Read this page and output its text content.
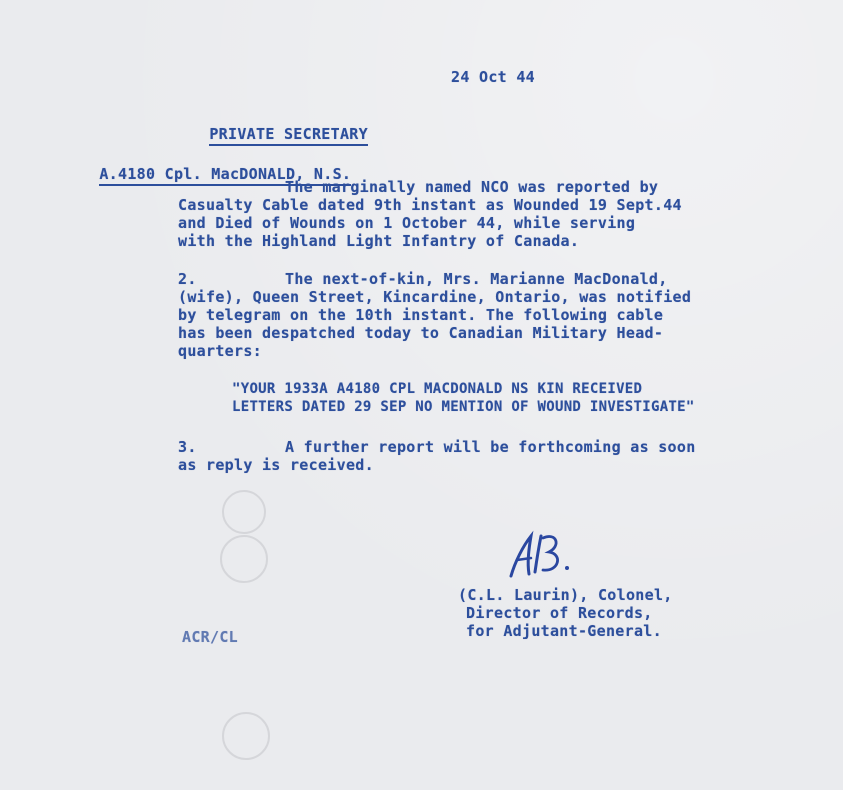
24 Oct 44

PRIVATE SECRETARY

A.4180 Cpl. MacDONALD, N.S.

The marginally named NCO was reported by
Casualty Cable dated 9th instant as Wounded 19 Sept.44
and Died of Wounds on 1 October 44, while serving
with the Highland Light Infantry of Canada.
2.	The next-of-kin, Mrs. Marianne MacDonald,
(wife), Queen Street, Kincardine, Ontario, was notified
by telegram on the 10th instant. The following cable
has been despatched today to Canadian Military Head-
quarters:
"YOUR 1933A A4180 CPL MACDONALD NS KIN RECEIVED
LETTERS DATED 29 SEP NO MENTION OF WOUND INVESTIGATE"
3.	A further report will be forthcoming as soon
as reply is received.
(C.L. Laurin), Colonel,
Director of Records,
for Adjutant-General.
ACR/CL
